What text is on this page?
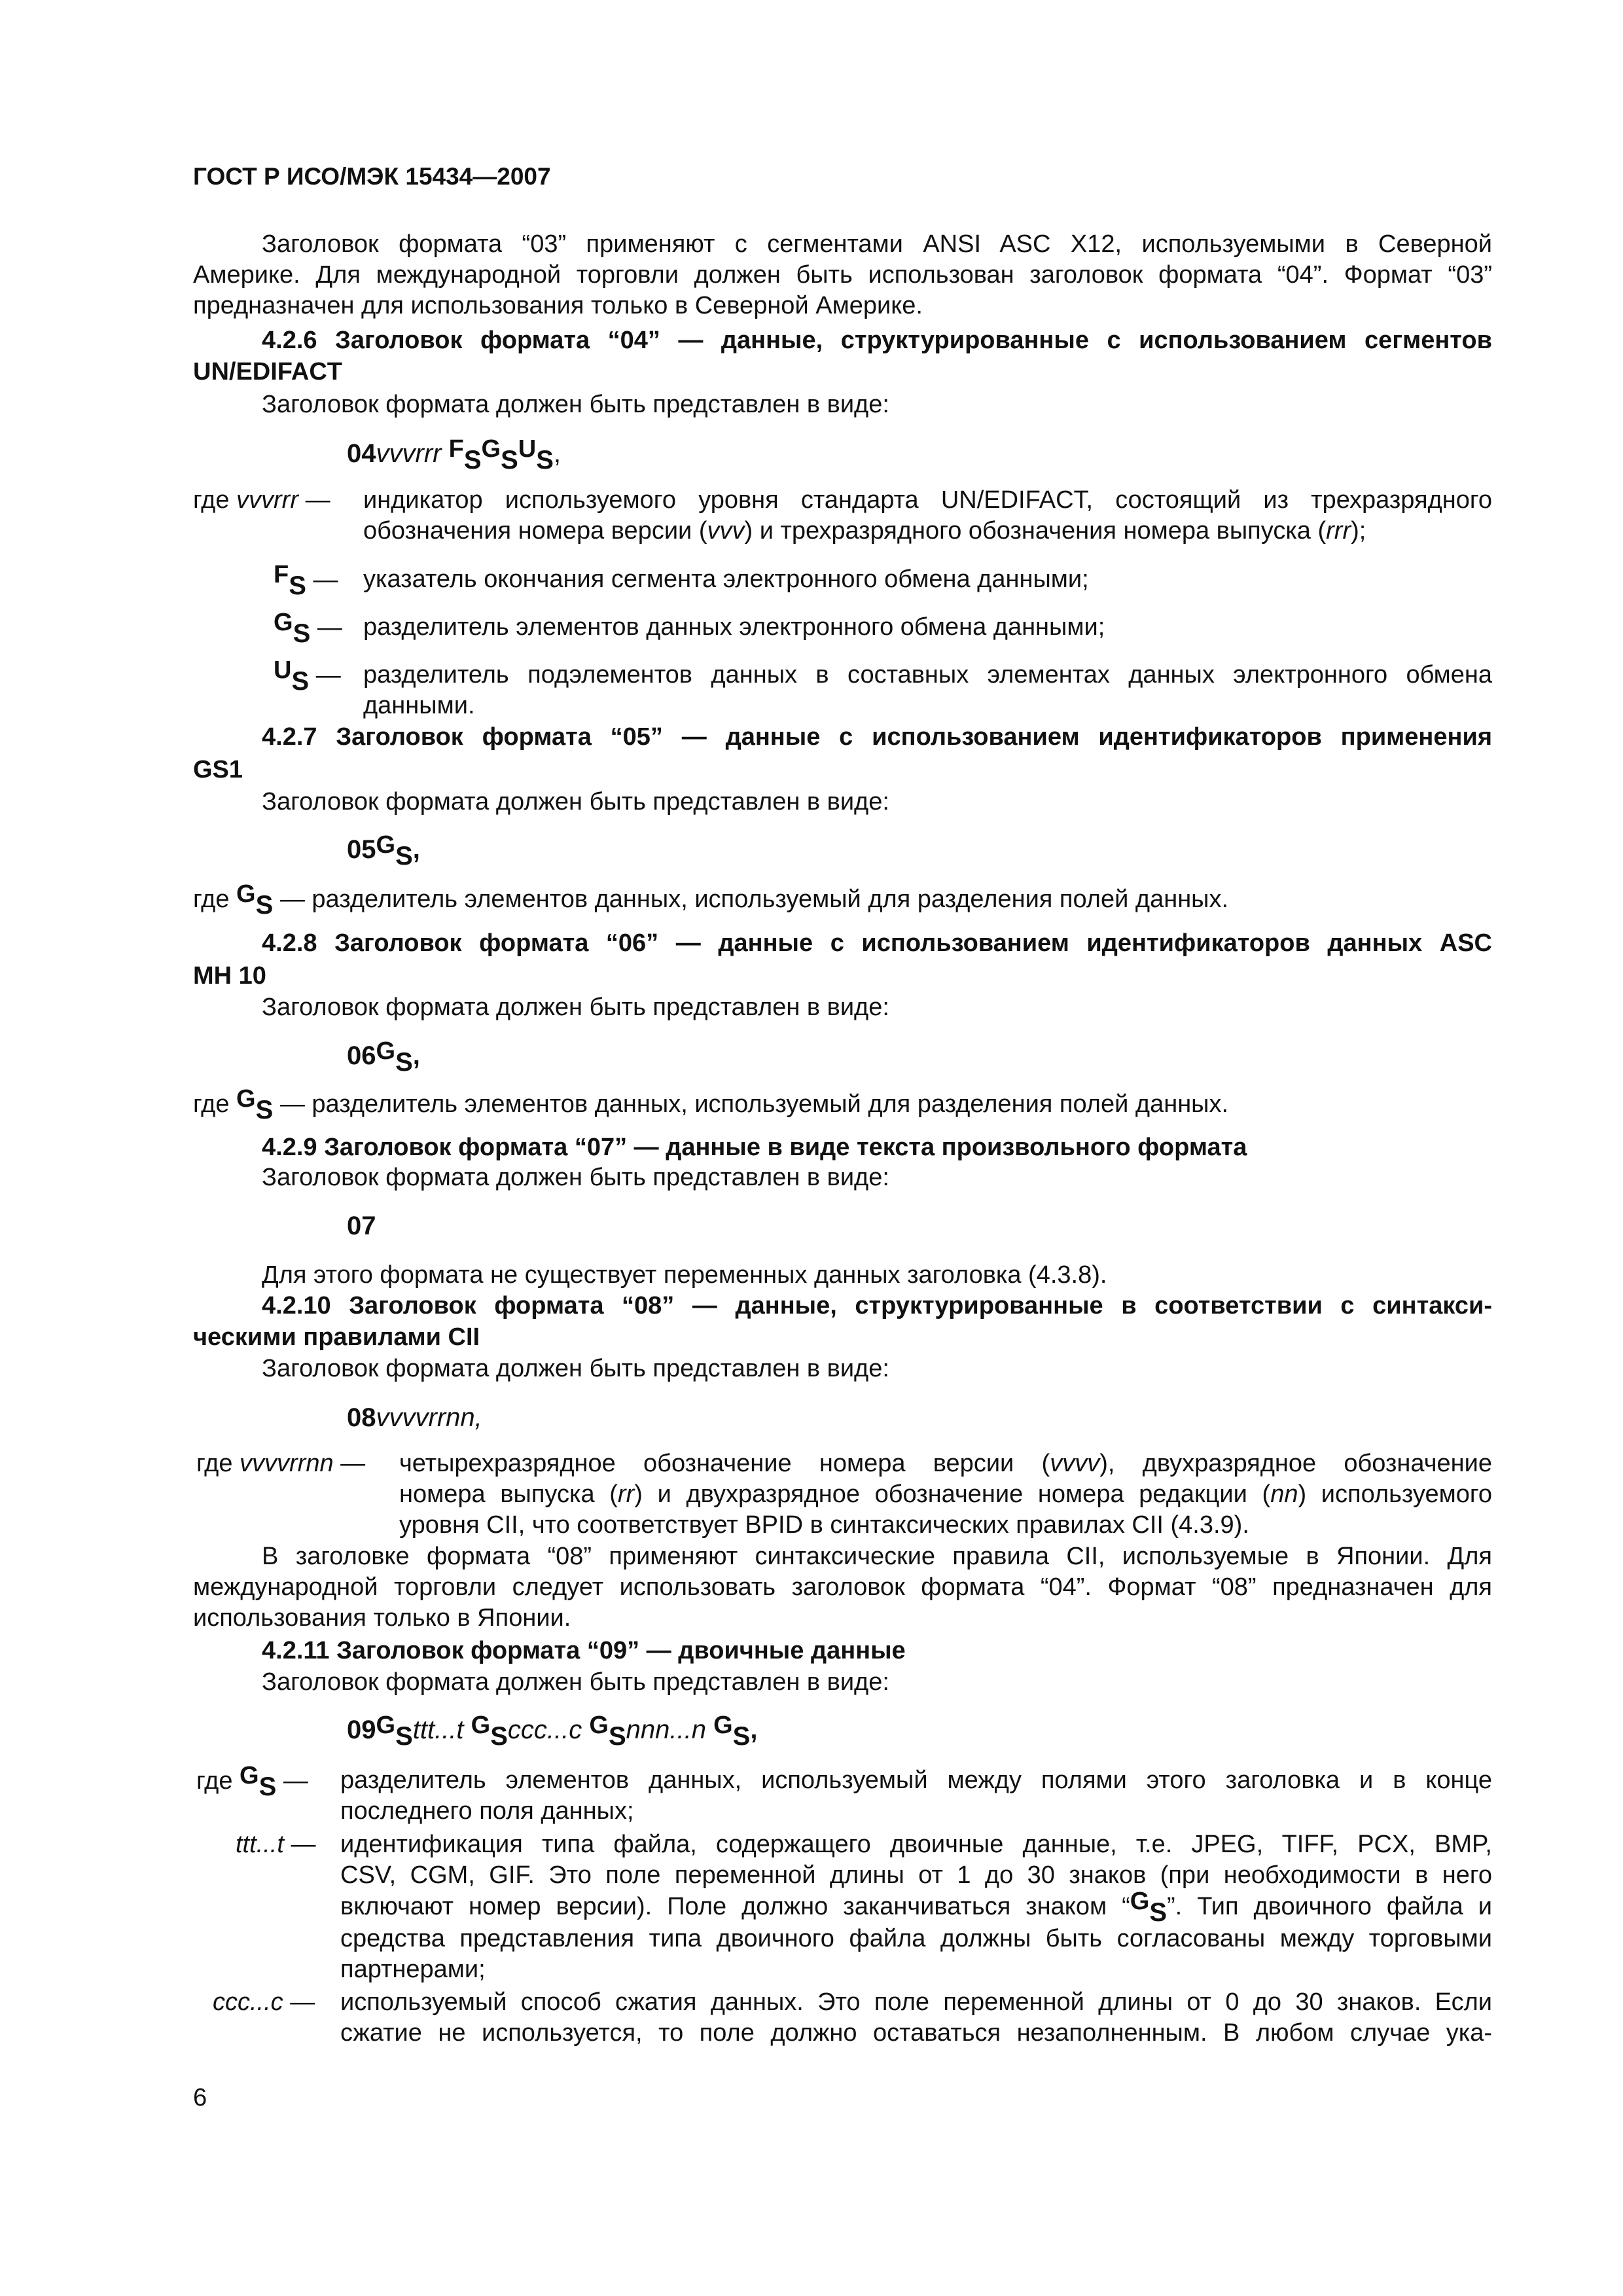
ГОСТ Р ИСО/МЭК 15434—2007
Заголовок формата “03” применяют с сегментами ANSI ASC X12, используемыми в Северной
Америке. Для международной торговли должен быть использован заголовок формата “04”. Формат “03”
предназначен для использования только в Северной Америке.
4.2.6 Заголовок формата “04” — данные, структурированные с использованием сегментов
UN/EDIFACT
Заголовок формата должен быть представлен в виде:
04vvvrrr FSGSUS,
где vvvrrr — индикатор используемого уровня стандарта UN/EDIFACT, состоящий из трехразрядного
обозначения номера версии (vvv) и трехразрядного обозначения номера выпуска (rrr);
FS — указатель окончания сегмента электронного обмена данными;
GS — разделитель элементов данных электронного обмена данными;
US — разделитель подэлементов данных в составных элементах данных электронного обмена
данными.
4.2.7 Заголовок формата “05” — данные с использованием идентификаторов применения
GS1
Заголовок формата должен быть представлен в виде:
05GS,
где GS — разделитель элементов данных, используемый для разделения полей данных.
4.2.8 Заголовок формата “06” — данные с использованием идентификаторов данных ASC
MH 10
Заголовок формата должен быть представлен в виде:
06GS,
где GS — разделитель элементов данных, используемый для разделения полей данных.
4.2.9 Заголовок формата “07” — данные в виде текста произвольного формата
Заголовок формата должен быть представлен в виде:
07
Для этого формата не существует переменных данных заголовка (4.3.8).
4.2.10 Заголовок формата “08” — данные, структурированные в соответствии с синтакси-
ческими правилами CII
Заголовок формата должен быть представлен в виде:
08vvvvrrnn,
где vvvvrrnn — четырехразрядное обозначение номера версии (vvvv), двухразрядное обозначение
номера выпуска (rr) и двухразрядное обозначение номера редакции (nn) используемого
уровня CII, что соответствует BPID в синтаксических правилах CII (4.3.9).
В заголовке формата “08” применяют синтаксические правила CII, используемые в Японии. Для
международной торговли следует использовать заголовок формата “04”. Формат “08” предназначен для
использования только в Японии.
4.2.11 Заголовок формата “09” — двоичные данные
Заголовок формата должен быть представлен в виде:
09GSttt...t GSccc...c GSnnn...n GS,
где GS — разделитель элементов данных, используемый между полями этого заголовка и в конце
последнего поля данных;
ttt...t — идентификация типа файла, содержащего двоичные данные, т.е. JPEG, TIFF, PCX, BMP,
CSV, CGM, GIF. Это поле переменной длины от 1 до 30 знаков (при необходимости в него
включают номер версии). Поле должно заканчиваться знаком “GS”. Тип двоичного файла и
средства представления типа двоичного файла должны быть согласованы между торговыми
партнерами;
ccc...c — используемый способ сжатия данных. Это поле переменной длины от 0 до 30 знаков. Если
сжатие не используется, то поле должно оставаться незаполненным. В любом случае ука-
6
